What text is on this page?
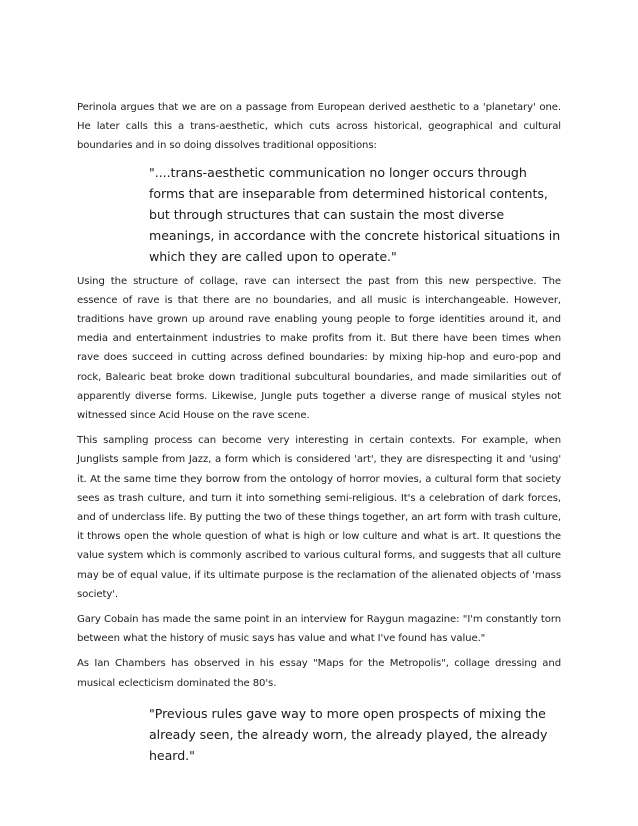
Perinola argues that we are on a passage from European derived aesthetic to a 'planetary' one. He later calls this a trans-aesthetic, which cuts across historical, geographical and cultural boundaries and in so doing dissolves traditional oppositions:

"....trans-aesthetic communication no longer occurs through forms that are inseparable from determined historical contents, but through structures that can sustain the most diverse meanings, in accordance with the concrete historical situations in which they are called upon to operate."

Using the structure of collage, rave can intersect the past from this new perspective. The essence of rave is that there are no boundaries, and all music is interchangeable. However, traditions have grown up around rave enabling young people to forge identities around it, and media and entertainment industries to make profits from it. But there have been times when rave does succeed in cutting across defined boundaries: by mixing hip-hop and euro-pop and rock, Balearic beat broke down traditional subcultural boundaries, and made similarities out of apparently diverse forms. Likewise, Jungle puts together a diverse range of musical styles not witnessed since Acid House on the rave scene.

This sampling process can become very interesting in certain contexts. For example, when Junglists sample from Jazz, a form which is considered 'art', they are disrespecting it and 'using' it. At the same time they borrow from the ontology of horror movies, a cultural form that society sees as trash culture, and turn it into something semi-religious. It's a celebration of dark forces, and of underclass life. By putting the two of these things together, an art form with trash culture, it throws open the whole question of what is high or low culture and what is art. It questions the value system which is commonly ascribed to various cultural forms, and suggests that all culture may be of equal value, if its ultimate purpose is the reclamation of the alienated objects of 'mass society'.

Gary Cobain has made the same point in an interview for Raygun magazine: "I'm constantly torn between what the history of music says has value and what I've found has value."

As Ian Chambers has observed in his essay "Maps for the Metropolis", collage dressing and musical eclecticism dominated the 80's.

"Previous rules gave way to more open prospects of mixing the already seen, the already worn, the already played, the already heard."
